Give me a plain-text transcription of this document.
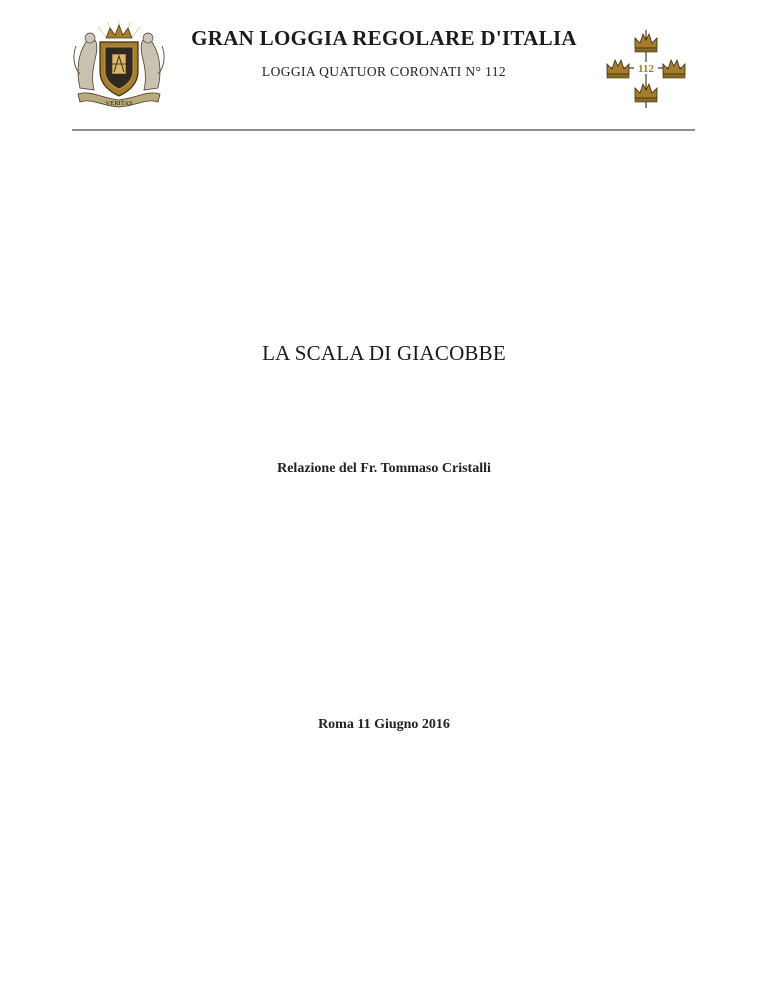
VERITAS
GRAN LOGGIA REGOLARE D'ITALIA
LOGGIA QUATUOR CORONATI N° 112	112
LA SCALA DI GIACOBBE
Relazione del Fr. Tommaso Cristalli
Roma 11 Giugno 2016
